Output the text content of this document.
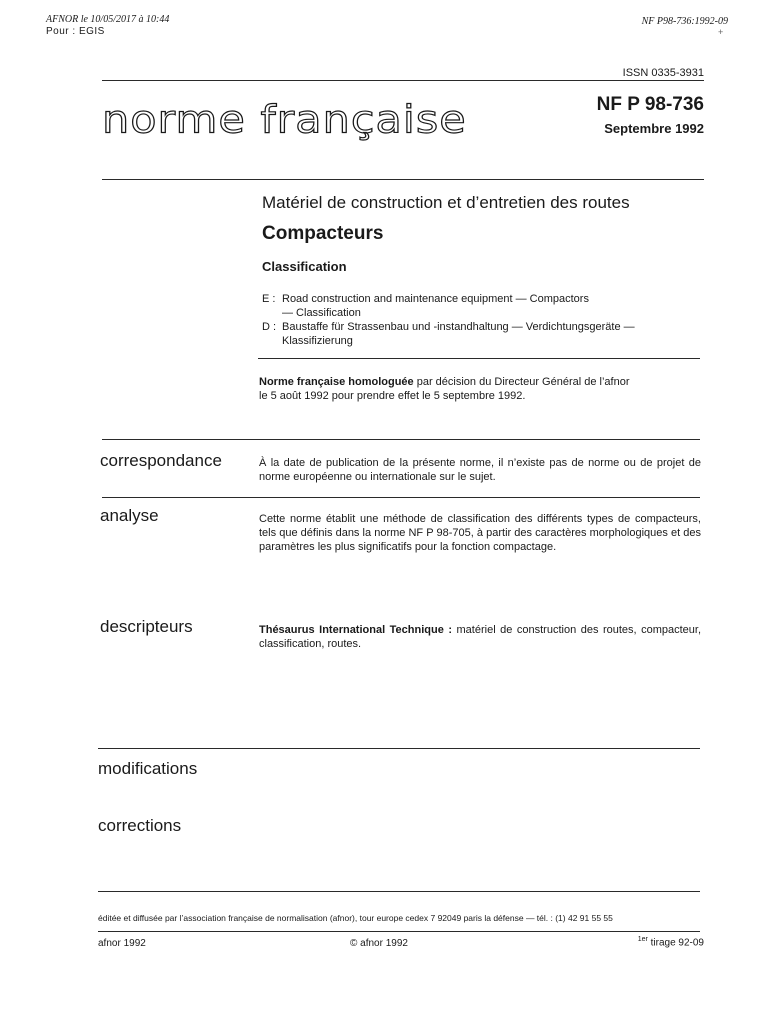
AFNOR le 10/05/2017 à 10:44
Pour : EGIS
NF P98-736:1992-09
+
ISSN 0335-3931
norme française	NF P 98-736
Septembre 1992
Matériel de construction et d’entretien des routes
Compacteurs
Classification
E : Road construction and maintenance equipment — Compactors
— Classification
D : Baustaffe für Strassenbau und -instandhaltung — Verdichtungsgeräte —
Klassifizierung
Norme française homologuée par décision du Directeur Général de l’afnor
le 5 août 1992 pour prendre effet le 5 septembre 1992.
correspondance	À la date de publication de la présente norme, il n’existe pas de norme ou de projet de norme européenne ou internationale sur le sujet.
analyse	Cette norme établit une méthode de classification des différents types de compacteurs, tels que définis dans la norme NF P 98-705, à partir des caractères morphologiques et des paramètres les plus significatifs pour la fonction compactage.
descripteurs	Thésaurus International Technique : matériel de construction des routes, compacteur, classification, routes.
modifications
corrections
éditée et diffusée par l’association française de normalisation (afnor), tour europe cedex 7 92049 paris la défense — tél. : (1) 42 91 55 55
afnor 1992	© afnor 1992	$^{1er}$ tirage 92-09
